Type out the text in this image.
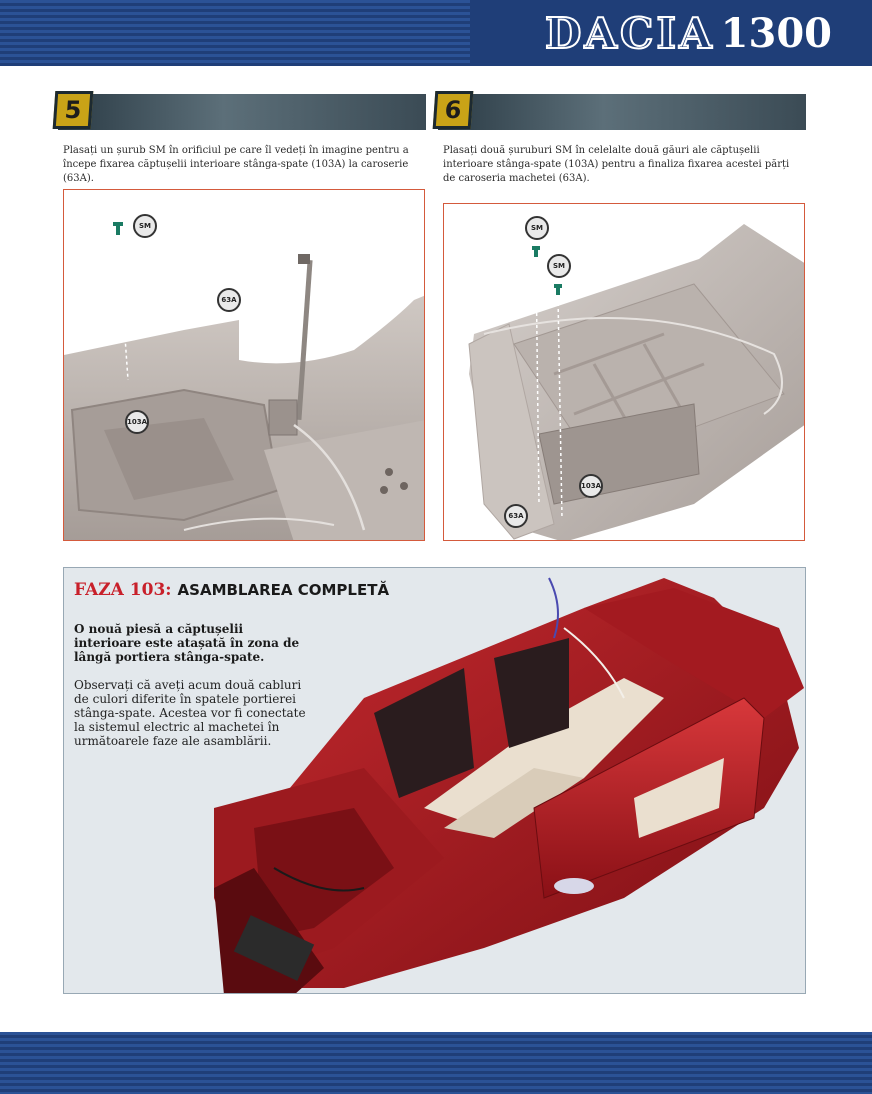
DACIA 1300
5
Plasați un șurub SM în orificiul pe care îl vedeți în imagine pentru a începe fixarea căptușelii interioare stânga-spate (103A) la caroserie (63A).
SM
63A
103A
6
Plasați două șuruburi SM în celelalte două găuri ale căptușelii interioare stânga-spate (103A) pentru a finaliza fixarea acestei părți de caroseria machetei (63A).
SM
SM
103A
63A
FAZA 103: ASAMBLAREA COMPLETĂ
O nouă piesă a căptușelii interioare este atașată în zona de lângă portiera stânga-spate.
Observați că aveți acum două cabluri de culori diferite în spatele portierei stânga-spate. Acestea vor fi conectate la sistemul electric al machetei în următoarele faze ale asamblării.
